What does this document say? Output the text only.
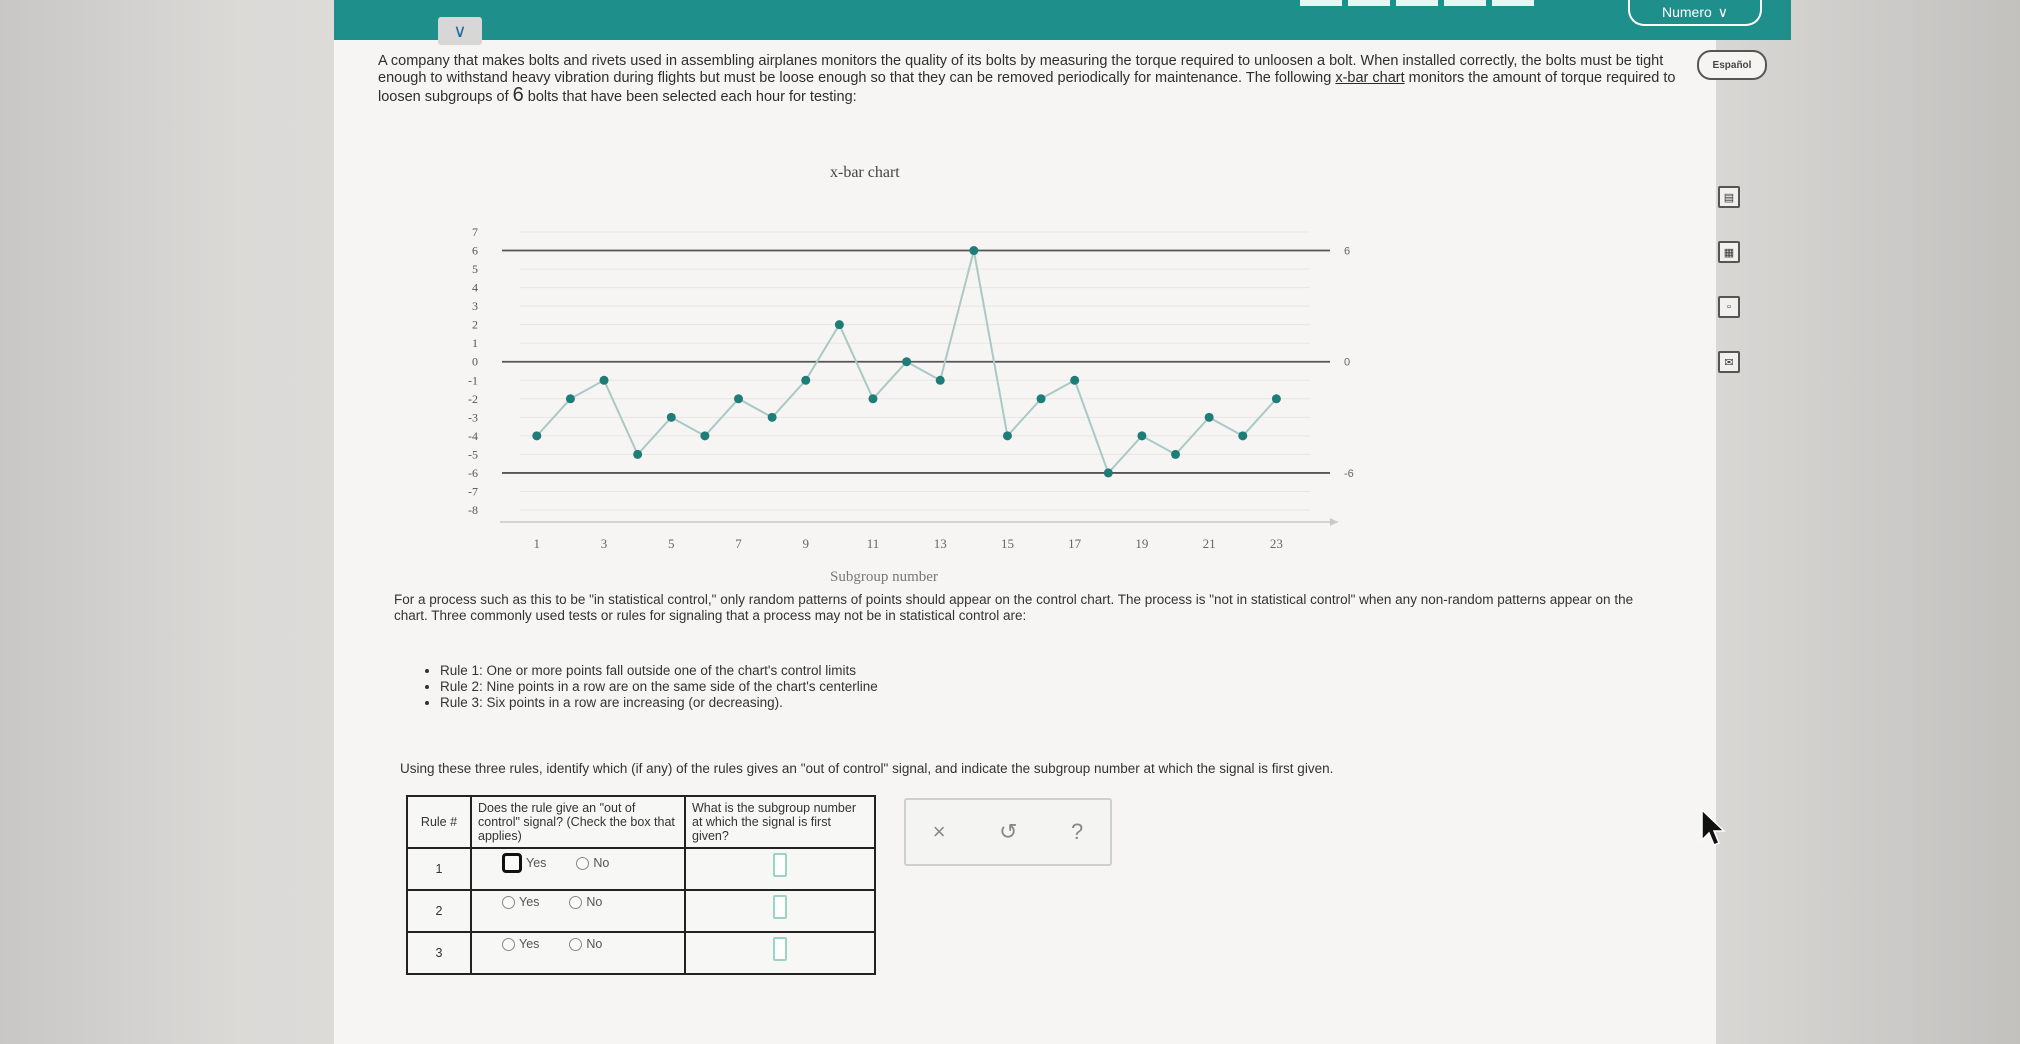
∨
Numero ∨
Español
A company that makes bolts and rivets used in assembling airplanes monitors the quality of its bolts by measuring the torque required to unloosen a bolt. When installed correctly, the bolts must be tight enough to withstand heavy vibration during flights but must be loose enough so that they can be removed periodically for maintenance. The following x-bar chart monitors the amount of torque required to loosen subgroups of 6 bolts that have been selected each hour for testing:
x-bar chart
6
0
-6
7
6
5
4
3
2
1
0
-1
-2
-3
-4
-5
-6
-7
-8
1	3	5	7	9	11	13	15	17	19	21	23
Subgroup number
▤
▦
▫
✉
For a process such as this to be "in statistical control," only random patterns of points should appear on the control chart. The process is "not in statistical control" when any non-random patterns appear on the chart. Three commonly used tests or rules for signaling that a process may not be in statistical control are:
• Rule 1: One or more points fall outside one of the chart's control limits
• Rule 2: Nine points in a row are on the same side of the chart's centerline
• Rule 3: Six points in a row are increasing (or decreasing).
Using these three rules, identify which (if any) of the rules gives an "out of control" signal, and indicate the subgroup number at which the signal is first given.
Rule #	Does the rule give an "out of control" signal? (Check the box that applies)	What is the subgroup number at which the signal is first given?
1	Yes No	

2	Yes No	

3	Yes No	

× ↺ ?
